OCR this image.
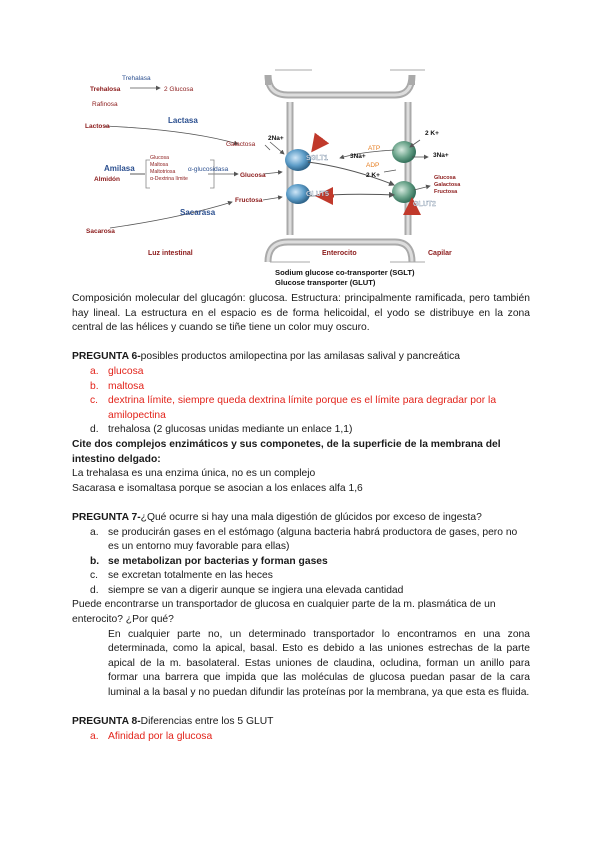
Trehalasa
Trehalosa	2 Glucosa
Rafinosa
Lactosa
Lactasa
Galactosa
Amilasa
Almidón
Glucosa
Maltosa
Maltotriosa
α-Dextrina límite
α-glucosidasa
Glucosa
Fructosa
Sacarasa
Sacarosa
Luz intestinal	Enterocito	Capilar
SGLT1
GLUT5
GLUT2
2Na+
3Na+
ATP
ADP
2 K+
2 K+
3Na+
Glucosa
Galactosa
Fructosa
Sodium glucose co-transporter (SGLT)
Glucose transporter (GLUT)

Composición molecular del glucagón: glucosa. Estructura: principalmente ramificada, pero también hay lineal. La estructura en el espacio es de forma helicoidal, el yodo se distribuye en la zona central de las hélices y cuando se tiñe tiene un color muy oscuro.

PREGUNTA 6-posibles productos amilopectina por las amilasas salival y pancreática

a. glucosa
b. maltosa
c. dextrina límite, siempre queda dextrina límite porque es el límite para degradar por la amilopectina
d. trehalosa (2 glucosas unidas mediante un enlace 1,1)

Cite dos complejos enzimáticos y sus componetes, de la superficie de la membrana del intestino delgado:

La trehalasa es una enzima única, no es un complejo

Sacarasa e isomaltasa porque se asocian a los enlaces alfa 1,6

PREGUNTA 7-¿Qué ocurre si hay una mala digestión de glúcidos por exceso de ingesta?

a. se producirán gases en el estómago (alguna bacteria habrá productora de gases, pero no es un entorno muy favorable para ellas)
b. se metabolizan por bacterias y forman gases
c. se excretan totalmente en las heces
d. siempre se van a digerir aunque se ingiera una elevada cantidad

Puede encontrarse un transportador de glucosa en cualquier parte de la m. plasmática de un enterocito? ¿Por qué?

En cualquier parte no, un determinado transportador lo encontramos en una zona determinada, como la apical, basal. Esto es debido a las uniones estrechas de la parte apical de la m. basolateral. Estas uniones de claudina, ocludina, forman un anillo para formar una barrera que impida que las moléculas de glucosa puedan pasar de la cara luminal a la basal y no puedan difundir las proteínas por la membrana, ya que esta es fluida.

PREGUNTA 8-Diferencias entre los 5 GLUT

a. Afinidad por la glucosa
